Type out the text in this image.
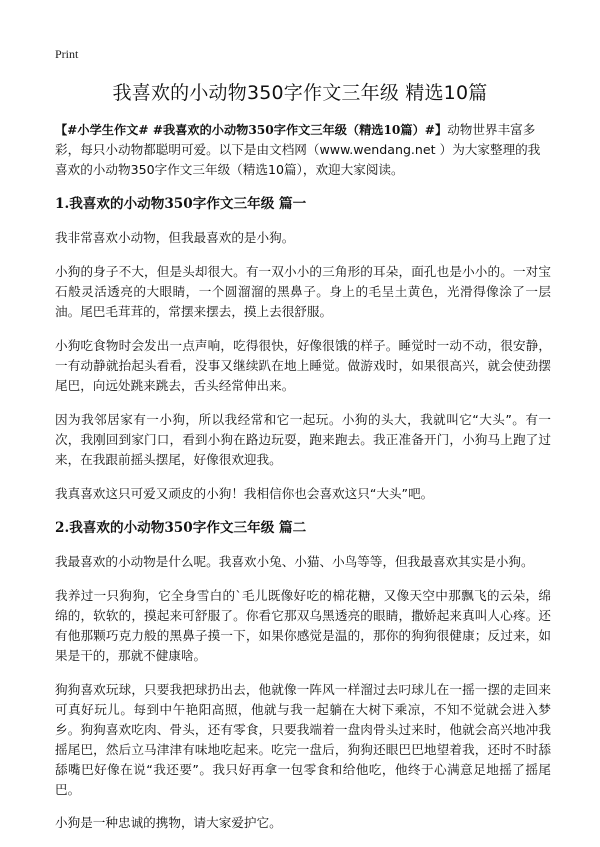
Print
我喜欢的小动物350字作文三年级 精选10篇

【#小学生作文# #我喜欢的小动物350字作文三年级（精选10篇）#】动物世界丰富多彩，每只小动物都聪明可爱。以下是由文档网（www.wendang.net ）为大家整理的我喜欢的小动物350字作文三年级（精选10篇），欢迎大家阅读。

1.我喜欢的小动物350字作文三年级 篇一

我非常喜欢小动物，但我最喜欢的是小狗。

小狗的身子不大，但是头却很大。有一双小小的三角形的耳朵，面孔也是小小的。一对宝石般灵活透亮的大眼睛，一个圆溜溜的黑鼻子。身上的毛呈土黄色，光滑得像涂了一层油。尾巴毛茸茸的，常摆来摆去，摸上去很舒服。

小狗吃食物时会发出一点声响，吃得很快，好像很饿的样子。睡觉时一动不动，很安静，一有动静就抬起头看看，没事又继续趴在地上睡觉。做游戏时，如果很高兴，就会使劲摆尾巴，向远处跳来跳去，舌头经常伸出来。

因为我邻居家有一小狗，所以我经常和它一起玩。小狗的头大，我就叫它“大头”。有一次，我刚回到家门口，看到小狗在路边玩耍，跑来跑去。我正准备开门，小狗马上跑了过来，在我跟前摇头摆尾，好像很欢迎我。

我真喜欢这只可爱又顽皮的小狗！我相信你也会喜欢这只“大头”吧。

2.我喜欢的小动物350字作文三年级 篇二

我最喜欢的小动物是什么呢。我喜欢小兔、小猫、小鸟等等，但我最喜欢其实是小狗。

我养过一只狗狗，它全身雪白的`毛儿既像好吃的棉花糖，又像天空中那飘飞的云朵，绵绵的，软软的，摸起来可舒服了。你看它那双乌黑透亮的眼睛，撒娇起来真叫人心疼。还有他那颗巧克力般的黑鼻子摸一下，如果你感觉是温的，那你的狗狗很健康；反过来，如果是干的，那就不健康啥。

狗狗喜欢玩球，只要我把球扔出去，他就像一阵风一样溜过去叼球儿在一摇一摆的走回来可真好玩儿。每到中午艳阳高照，他就与我一起躺在大树下乘凉，不知不觉就会进入梦乡。狗狗喜欢吃肉、骨头，还有零食，只要我端着一盘肉骨头过来时，他就会高兴地冲我摇尾巴，然后立马津津有味地吃起来。吃完一盘后，狗狗还眼巴巴地望着我，还时不时舔舔嘴巴好像在说“我还要”。我只好再拿一包零食和给他吃，他终于心满意足地摇了摇尾巴。

小狗是一种忠诚的携物，请大家爱护它。
